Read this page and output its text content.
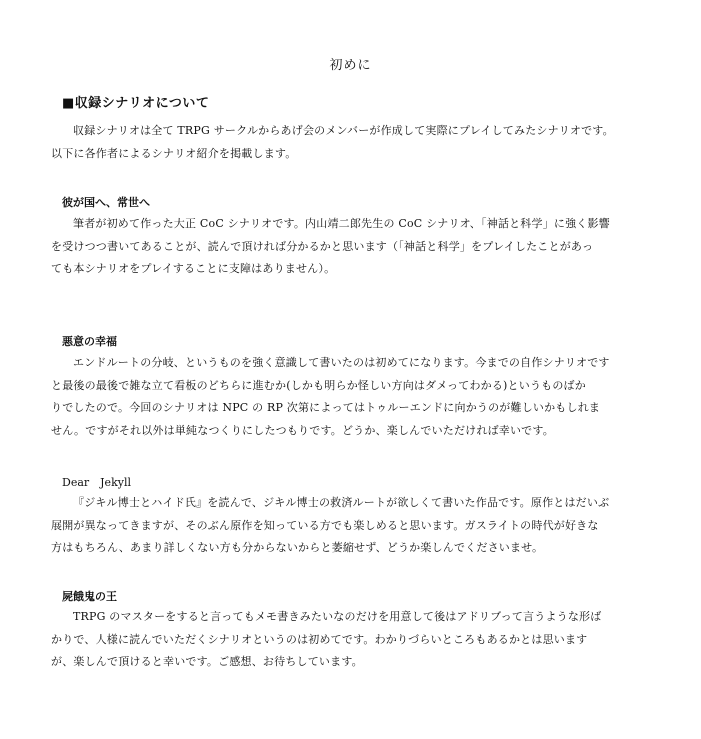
初めに
■収録シナリオについて
収録シナリオは全て TRPG サークルからあげ会のメンバーが作成して実際にプレイしてみたシナリオです。
以下に各作者によるシナリオ紹介を掲載します。
彼が国へ、常世へ
筆者が初めて作った大正 CoC シナリオです。内山靖二郎先生の CoC シナリオ、「神話と科学」に強く影響
を受けつつ書いてあることが、読んで頂ければ分かるかと思います（「神話と科学」をプレイしたことがあっ
ても本シナリオをプレイすることに支障はありません）。
悪意の幸福
エンドルートの分岐、というものを強く意識して書いたのは初めてになります。今までの自作シナリオです
と最後の最後で雑な立て看板のどちらに進むか(しかも明らか怪しい方向はダメってわかる)というものばか
りでしたので。今回のシナリオは NPC の RP 次第によってはトゥルーエンドに向かうのが難しいかもしれま
せん。ですがそれ以外は単純なつくりにしたつもりです。どうか、楽しんでいただければ幸いです。
Dear　Jekyll
『ジキル博士とハイド氏』を読んで、ジキル博士の救済ルートが欲しくて書いた作品です。原作とはだいぶ
展開が異なってきますが、そのぶん原作を知っている方でも楽しめると思います。ガスライトの時代が好きな
方はもちろん、あまり詳しくない方も分からないからと萎縮せず、どうか楽しんでくださいませ。
屍餓鬼の王
TRPG のマスターをすると言ってもメモ書きみたいなのだけを用意して後はアドリブって言うような形ば
かりで、人様に読んでいただくシナリオというのは初めてです。わかりづらいところもあるかとは思います
が、楽しんで頂けると幸いです。ご感想、お待ちしています。
